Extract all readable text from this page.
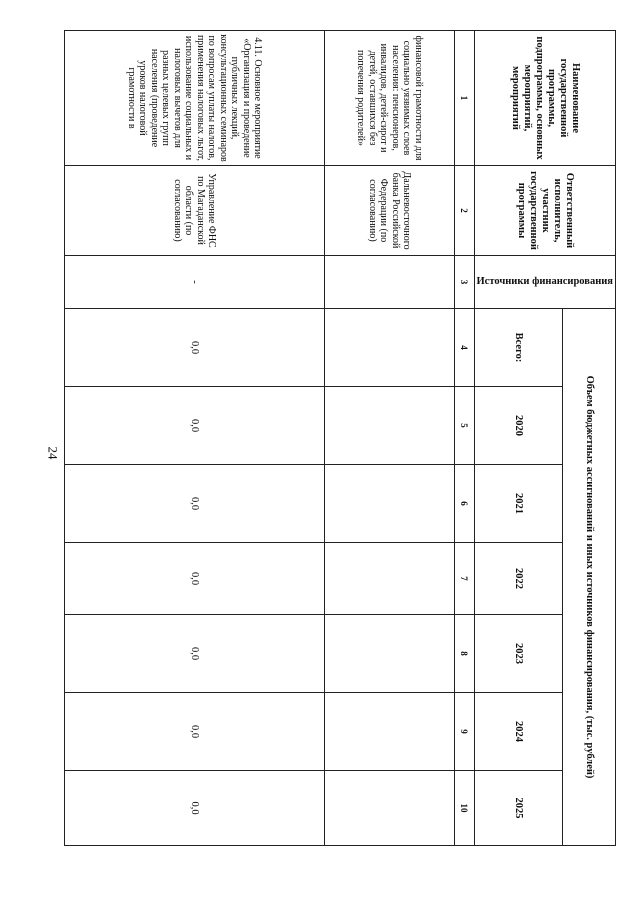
24
Наименование государственной программы, подпрограммы, основных мероприятий, мероприятий	Ответственный исполнитель, участник государственной программы	Источники финансирования	Объем бюджетных ассигнований и иных источников финансирования, (тыс. рублей)						
			Всего:	2020	2021	2022	2023	2024	2025
1	2	3	4	5	6	7	8	9	10
финансовой грамотности для социально уязвимых слоев населения: пенсионеров, инвалидов, детей-сирот и детей, оставшихся без попечения родителей»	Дальневосточного банка Российской Федерации (по согласованию)								
4.11. Основное мероприятие «Организация и проведение публичных лекций, консультационных семинаров по вопросам уплаты налогов, применения налоговых льгот, использование социальных и налоговых вычетов для разных целевых групп населения (проведение уроков налоговой грамотности в	Управление ФНС по Магаданской области (по согласованию)	-	0,0	0,0	0,0	0,0	0,0	0,0	0,0
